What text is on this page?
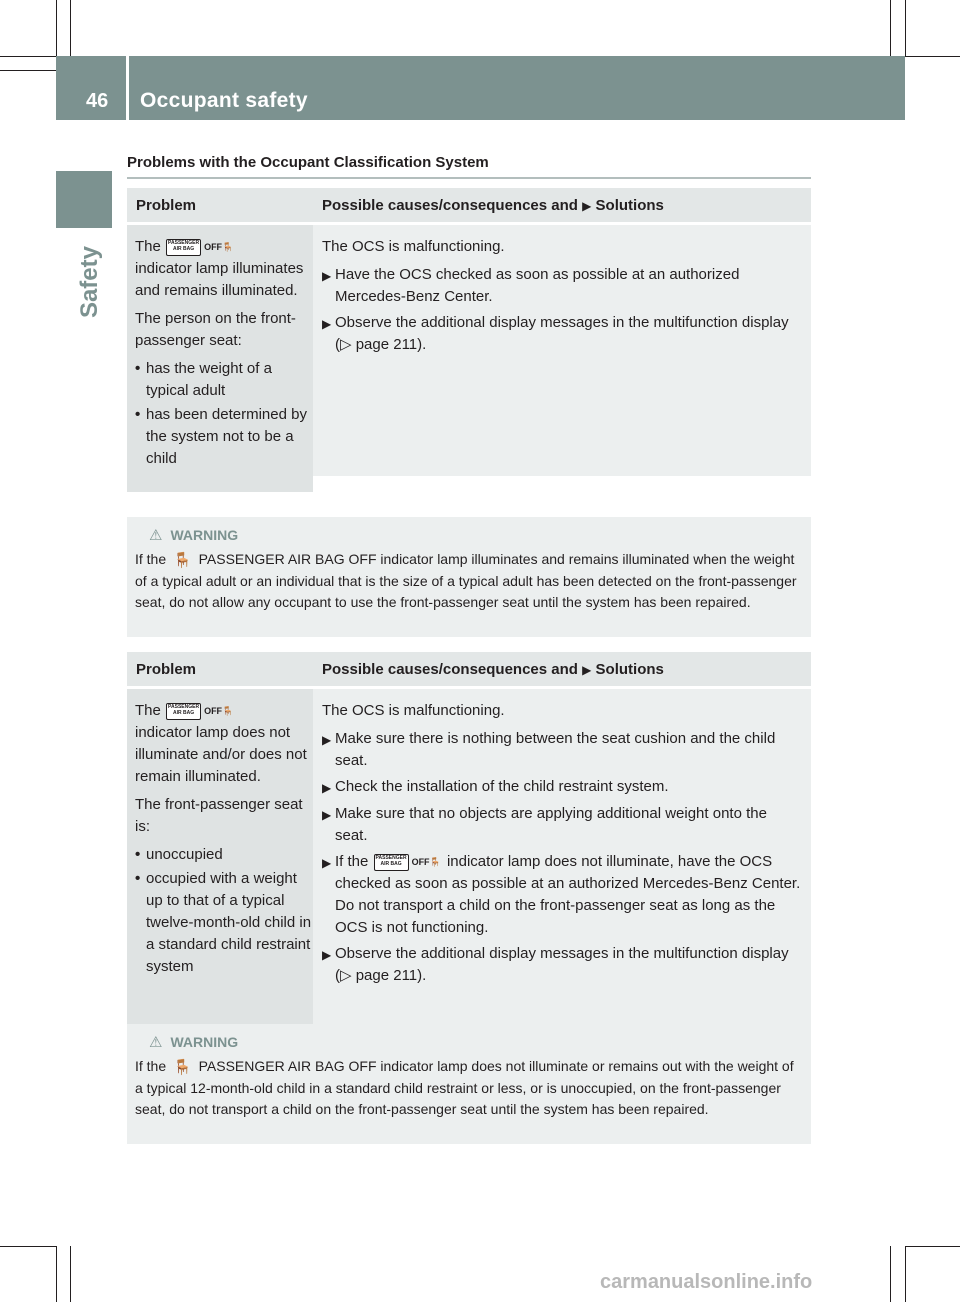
46 Occupant safety
Safety
Problems with the Occupant Classification System
Problem	Possible causes/consequences and ▶ Solutions

The PASSENGER
AIR BAG OFF🪑
indicator lamp illuminates and remains illuminated.

The person on the front-passenger seat:

• has the weight of a typical adult
• has been determined by the system not to be a child

The OCS is malfunctioning.

▶ Have the OCS checked as soon as possible at an authorized Mercedes-Benz Center.
▶ Observe the additional display messages in the multifunction display (▷ page 211).
⚠ WARNING
If the 🪑 PASSENGER AIR BAG OFF indicator lamp illuminates and remains illuminated when the weight of a typical adult or an individual that is the size of a typical adult has been detected on the front-passenger seat, do not allow any occupant to use the front-passenger seat until the system has been repaired.
Problem	Possible causes/consequences and ▶ Solutions

The PASSENGER
AIR BAG OFF🪑
indicator lamp does not illuminate and/or does not remain illuminated.

The front-passenger seat is:

• unoccupied
• occupied with a weight up to that of a typical twelve-month-old child in a standard child restraint system

The OCS is malfunctioning.

▶ Make sure there is nothing between the seat cushion and the child seat.
▶ Check the installation of the child restraint system.
▶ Make sure that no objects are applying additional weight onto the seat.
▶ If the PASSENGER
AIR BAG OFF🪑 indicator lamp does not illuminate, have the OCS checked as soon as possible at an authorized Mercedes-Benz Center. Do not transport a child on the front-passenger seat as long as the OCS is not functioning.
▶ Observe the additional display messages in the multifunction display (▷ page 211).
⚠ WARNING
If the 🪑 PASSENGER AIR BAG OFF indicator lamp does not illuminate or remains out with the weight of a typical 12-month-old child in a standard child restraint or less, or is unoccupied, on the front-passenger seat, do not transport a child on the front-passenger seat until the system has been repaired.
carmanualsonline.info
